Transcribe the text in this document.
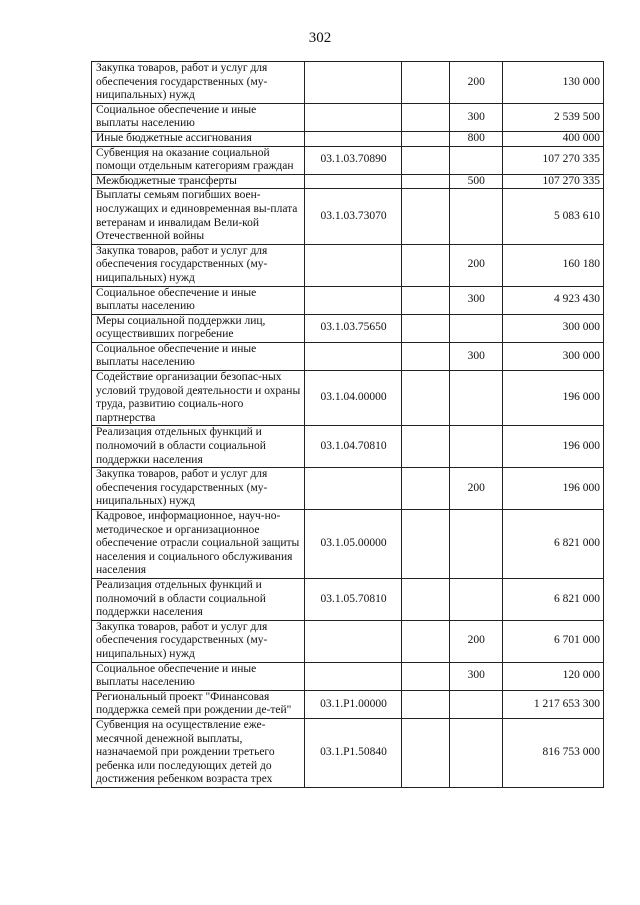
302
Закупка товаров, работ и услуг для обеспечения государственных (му-ниципальных) нужд			200	130 000
Социальное обеспечение и иные выплаты населению			300	2 539 500
Иные бюджетные ассигнования			800	400 000
Субвенция на оказание социальной помощи отдельным категориям граждан	03.1.03.70890			107 270 335
Межбюджетные трансферты			500	107 270 335
Выплаты семьям погибших воен-нослужащих и единовременная вы-плата ветеранам и инвалидам Вели-кой Отечественной войны	03.1.03.73070			5 083 610
Закупка товаров, работ и услуг для обеспечения государственных (му-ниципальных) нужд			200	160 180
Социальное обеспечение и иные выплаты населению			300	4 923 430
Меры социальной поддержки лиц, осуществивших погребение	03.1.03.75650			300 000
Социальное обеспечение и иные выплаты населению			300	300 000
Содействие организации безопас-ных условий трудовой деятельности и охраны труда, развитию социаль-ного партнерства	03.1.04.00000			196 000
Реализация отдельных функций и полномочий в области социальной поддержки населения	03.1.04.70810			196 000
Закупка товаров, работ и услуг для обеспечения государственных (му-ниципальных) нужд			200	196 000
Кадровое, информационное, науч-но-методическое и организационное обеспечение отрасли социальной защиты населения и социального обслуживания населения	03.1.05.00000			6 821 000
Реализация отдельных функций и полномочий в области социальной поддержки населения	03.1.05.70810			6 821 000
Закупка товаров, работ и услуг для обеспечения государственных (му-ниципальных) нужд			200	6 701 000
Социальное обеспечение и иные выплаты населению			300	120 000
Региональный проект "Финансовая поддержка семей при рождении де-тей"	03.1.P1.00000			1 217 653 300
Субвенция на осуществление еже-месячной денежной выплаты, назначаемой при рождении третьего ребенка или последующих детей до достижения ребенком возраста трех	03.1.P1.50840			816 753 000
